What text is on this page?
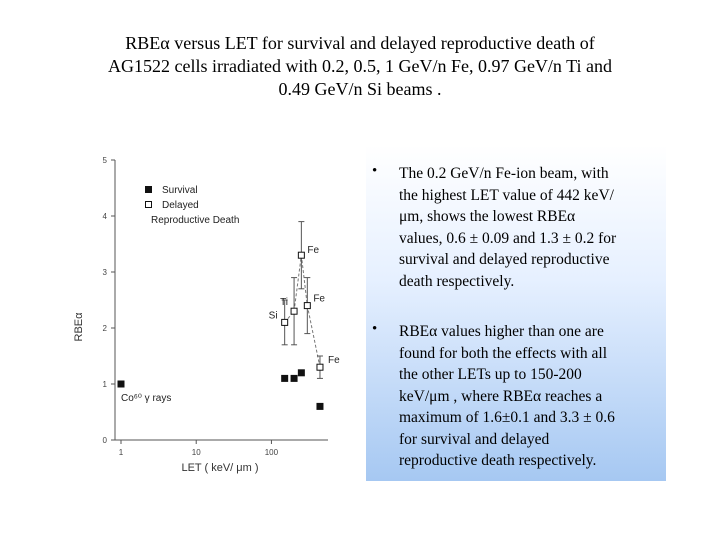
RBEα versus LET for survival and delayed reproductive death of
AG1522 cells irradiated with 0.2, 0.5, 1 GeV/n Fe, 0.97 GeV/n Ti and
0.49 GeV/n Si beams .
0
1
2
3
4
5
1	10	100
Fe
Ti	Fe
Si
Fe
Co⁶⁰ γ rays
Survival
Delayed
Reproductive Death
RBEα
LET ( keV/ μm )
• The 0.2 GeV/n Fe-ion beam, with
the highest LET value of 442 keV/
μm, shows the lowest RBEα
values, 0.6 ± 0.09 and 1.3 ± 0.2 for
survival and delayed reproductive
death respectively.
• RBEα values higher than one are
found for both the effects with all
the other LETs up to 150-200
keV/μm , where RBEα reaches a
maximum of 1.6±0.1 and 3.3 ± 0.6
for survival and delayed
reproductive death respectively.
